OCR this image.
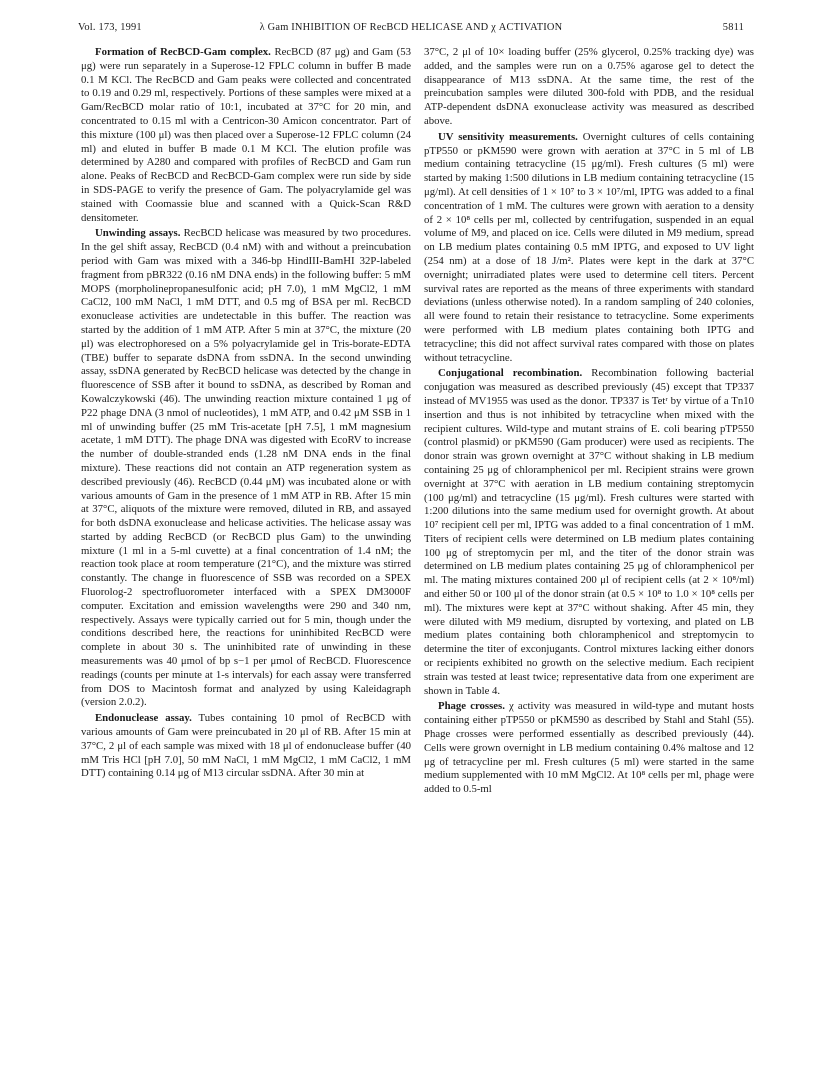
Vol. 173, 1991	λ Gam INHIBITION OF RecBCD HELICASE AND χ ACTIVATION	5811

Formation of RecBCD-Gam complex. RecBCD (87 μg) and Gam (53 μg) were run separately in a Superose-12 FPLC column in buffer B made 0.1 M KCl. The RecBCD and Gam peaks were collected and concentrated to 0.19 and 0.29 ml, respectively. Portions of these samples were mixed at a Gam/RecBCD molar ratio of 10:1, incubated at 37°C for 20 min, and concentrated to 0.15 ml with a Centricon-30 Amicon concentrator. Part of this mixture (100 μl) was then placed over a Superose-12 FPLC column (24 ml) and eluted in buffer B made 0.1 M KCl. The elution profile was determined by A280 and compared with profiles of RecBCD and Gam run alone. Peaks of RecBCD and RecBCD-Gam complex were run side by side in SDS-PAGE to verify the presence of Gam. The polyacrylamide gel was stained with Coomassie blue and scanned with a Quick-Scan R&D densitometer.

Unwinding assays. RecBCD helicase was measured by two procedures. In the gel shift assay, RecBCD (0.4 nM) with and without a preincubation period with Gam was mixed with a 346-bp HindIII-BamHI 32P-labeled fragment from pBR322 (0.16 nM DNA ends) in the following buffer: 5 mM MOPS (morpholinepropanesulfonic acid; pH 7.0), 1 mM MgCl2, 1 mM CaCl2, 100 mM NaCl, 1 mM DTT, and 0.5 mg of BSA per ml. RecBCD exonuclease activities are undetectable in this buffer. The reaction was started by the addition of 1 mM ATP. After 5 min at 37°C, the mixture (20 μl) was electrophoresed on a 5% polyacrylamide gel in Tris-borate-EDTA (TBE) buffer to separate dsDNA from ssDNA. In the second unwinding assay, ssDNA generated by RecBCD helicase was detected by the change in fluorescence of SSB after it bound to ssDNA, as described by Roman and Kowalczykowski (46). The unwinding reaction mixture contained 1 μg of P22 phage DNA (3 nmol of nucleotides), 1 mM ATP, and 0.42 μM SSB in 1 ml of unwinding buffer (25 mM Tris-acetate [pH 7.5], 1 mM magnesium acetate, 1 mM DTT). The phage DNA was digested with EcoRV to increase the number of double-stranded ends (1.28 nM DNA ends in the final mixture). These reactions did not contain an ATP regeneration system as described previously (46). RecBCD (0.44 μM) was incubated alone or with various amounts of Gam in the presence of 1 mM ATP in RB. After 15 min at 37°C, aliquots of the mixture were removed, diluted in RB, and assayed for both dsDNA exonuclease and helicase activities. The helicase assay was started by adding RecBCD (or RecBCD plus Gam) to the unwinding mixture (1 ml in a 5-ml cuvette) at a final concentration of 1.4 nM; the reaction took place at room temperature (21°C), and the mixture was stirred constantly. The change in fluorescence of SSB was recorded on a SPEX Fluorolog-2 spectrofluorometer interfaced with a SPEX DM3000F computer. Excitation and emission wavelengths were 290 and 340 nm, respectively. Assays were typically carried out for 5 min, though under the conditions described here, the reactions for uninhibited RecBCD were complete in about 30 s. The uninhibited rate of unwinding in these measurements was 40 μmol of bp s−1 per μmol of RecBCD. Fluorescence readings (counts per minute at 1-s intervals) for each assay were transferred from DOS to Macintosh format and analyzed by using Kaleidagraph (version 2.0.2).

Endonuclease assay. Tubes containing 10 pmol of RecBCD with various amounts of Gam were preincubated in 20 μl of RB. After 15 min at 37°C, 2 μl of each sample was mixed with 18 μl of endonuclease buffer (40 mM Tris HCl [pH 7.0], 50 mM NaCl, 1 mM MgCl2, 1 mM CaCl2, 1 mM DTT) containing 0.14 μg of M13 circular ssDNA. After 30 min at

37°C, 2 μl of 10× loading buffer (25% glycerol, 0.25% tracking dye) was added, and the samples were run on a 0.75% agarose gel to detect the disappearance of M13 ssDNA. At the same time, the rest of the preincubation samples were diluted 300-fold with PDB, and the residual ATP-dependent dsDNA exonuclease activity was measured as described above.

UV sensitivity measurements. Overnight cultures of cells containing pTP550 or pKM590 were grown with aeration at 37°C in 5 ml of LB medium containing tetracycline (15 μg/ml). Fresh cultures (5 ml) were started by making 1:500 dilutions in LB medium containing tetracycline (15 μg/ml). At cell densities of 1 × 10⁷ to 3 × 10⁷/ml, IPTG was added to a final concentration of 1 mM. The cultures were grown with aeration to a density of 2 × 10⁸ cells per ml, collected by centrifugation, suspended in an equal volume of M9, and placed on ice. Cells were diluted in M9 medium, spread on LB medium plates containing 0.5 mM IPTG, and exposed to UV light (254 nm) at a dose of 18 J/m². Plates were kept in the dark at 37°C overnight; unirradiated plates were used to determine cell titers. Percent survival rates are reported as the means of three experiments with standard deviations (unless otherwise noted). In a random sampling of 240 colonies, all were found to retain their resistance to tetracycline. Some experiments were performed with LB medium plates containing both IPTG and tetracycline; this did not affect survival rates compared with those on plates without tetracycline.

Conjugational recombination. Recombination following bacterial conjugation was measured as described previously (45) except that TP337 instead of MV1955 was used as the donor. TP337 is Tetʳ by virtue of a Tn10 insertion and thus is not inhibited by tetracycline when mixed with the recipient cultures. Wild-type and mutant strains of E. coli bearing pTP550 (control plasmid) or pKM590 (Gam producer) were used as recipients. The donor strain was grown overnight at 37°C without shaking in LB medium containing 25 μg of chloramphenicol per ml. Recipient strains were grown overnight at 37°C with aeration in LB medium containing streptomycin (100 μg/ml) and tetracycline (15 μg/ml). Fresh cultures were started with 1:200 dilutions into the same medium used for overnight growth. At about 10⁷ recipient cell per ml, IPTG was added to a final concentration of 1 mM. Titers of recipient cells were determined on LB medium plates containing 100 μg of streptomycin per ml, and the titer of the donor strain was determined on LB medium plates containing 25 μg of chloramphenicol per ml. The mating mixtures contained 200 μl of recipient cells (at 2 × 10⁸/ml) and either 50 or 100 μl of the donor strain (at 0.5 × 10⁸ to 1.0 × 10⁸ cells per ml). The mixtures were kept at 37°C without shaking. After 45 min, they were diluted with M9 medium, disrupted by vortexing, and plated on LB medium plates containing both chloramphenicol and streptomycin to determine the titer of exconjugants. Control mixtures lacking either donors or recipients exhibited no growth on the selective medium. Each recipient strain was tested at least twice; representative data from one experiment are shown in Table 4.

Phage crosses. χ activity was measured in wild-type and mutant hosts containing either pTP550 or pKM590 as described by Stahl and Stahl (55). Phage crosses were performed essentially as described previously (44). Cells were grown overnight in LB medium containing 0.4% maltose and 12 μg of tetracycline per ml. Fresh cultures (5 ml) were started in the same medium supplemented with 10 mM MgCl2. At 10⁸ cells per ml, phage were added to 0.5-ml
